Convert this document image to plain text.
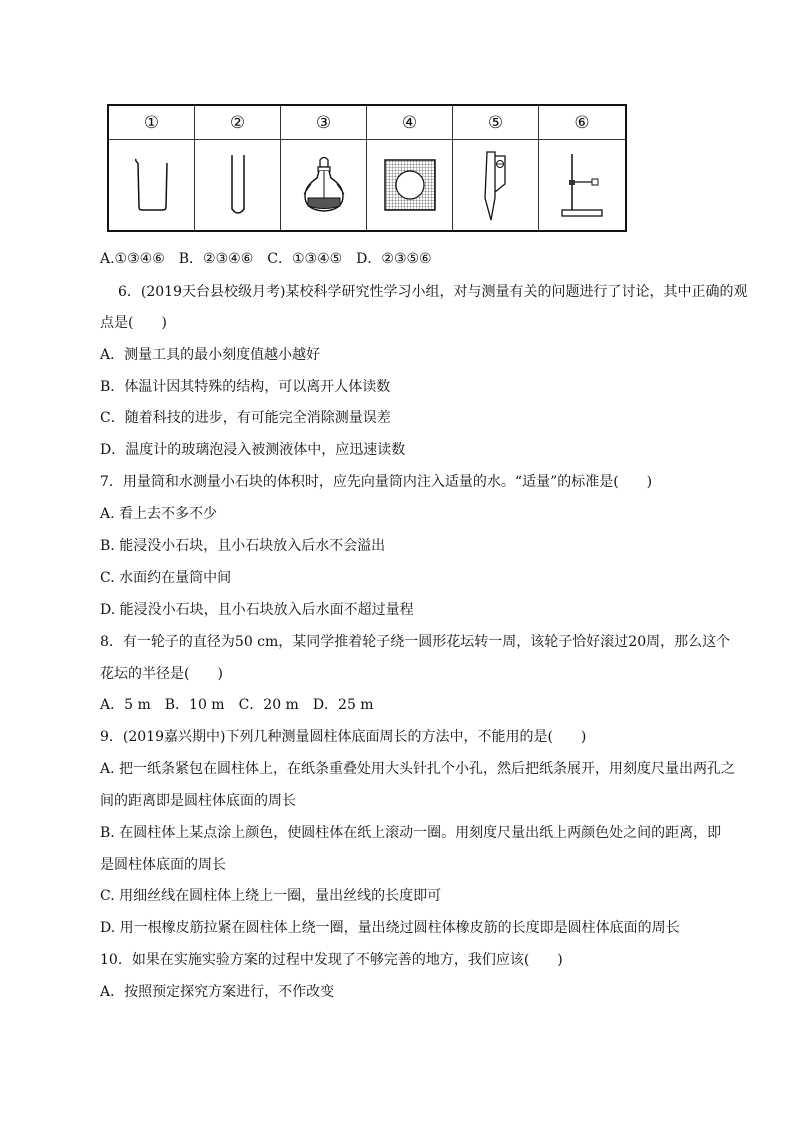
①	②	③	④	⑤	⑥
A.①③④⑥　B．②③④⑥　C．①③④⑤　D．②③⑤⑥
6．(2019天台县校级月考)某校科学研究性学习小组，对与测量有关的问题进行了讨论，其中正确的观
点是(　　)
A．测量工具的最小刻度值越小越好
B．体温计因其特殊的结构，可以离开人体读数
C．随着科技的进步，有可能完全消除测量误差
D．温度计的玻璃泡浸入被测液体中，应迅速读数
7．用量筒和水测量小石块的体积时，应先向量筒内注入适量的水。“适量”的标准是(　　)
A. 看上去不多不少
B. 能浸没小石块，且小石块放入后水不会溢出
C. 水面约在量筒中间
D. 能浸没小石块，且小石块放入后水面不超过量程
8．有一轮子的直径为50 cm，某同学推着轮子绕一圆形花坛转一周，该轮子恰好滚过20周，那么这个
花坛的半径是(　　)
A．5 m　B．10 m　C．20 m　D．25 m
9．(2019嘉兴期中)下列几种测量圆柱体底面周长的方法中，不能用的是(　　)
A. 把一纸条紧包在圆柱体上，在纸条重叠处用大头针扎个小孔，然后把纸条展开，用刻度尺量出两孔之
间的距离即是圆柱体底面的周长
B. 在圆柱体上某点涂上颜色，使圆柱体在纸上滚动一圈。用刻度尺量出纸上两颜色处之间的距离，即
是圆柱体底面的周长
C. 用细丝线在圆柱体上绕上一圈，量出丝线的长度即可
D. 用一根橡皮筋拉紧在圆柱体上绕一圈，量出绕过圆柱体橡皮筋的长度即是圆柱体底面的周长
10．如果在实施实验方案的过程中发现了不够完善的地方，我们应该(　　)
A．按照预定探究方案进行，不作改变
